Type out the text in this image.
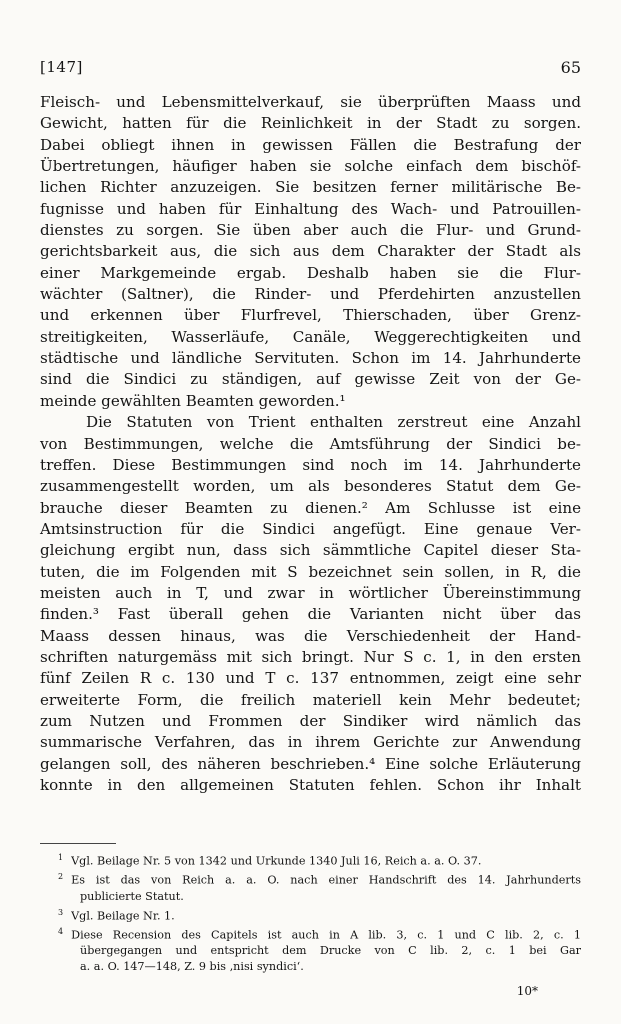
[147]	65
Fleisch- und Lebensmittelverkauf, sie überprüften Maass und
Gewicht, hatten für die Reinlichkeit in der Stadt zu sorgen.
Dabei obliegt ihnen in gewissen Fällen die Bestrafung der
Übertretungen, häufiger haben sie solche einfach dem bischöf-
lichen Richter anzuzeigen. Sie besitzen ferner militärische Be-
fugnisse und haben für Einhaltung des Wach- und Patrouillen-
dienstes zu sorgen. Sie üben aber auch die Flur- und Grund-
gerichtsbarkeit aus, die sich aus dem Charakter der Stadt als
einer Markgemeinde ergab. Deshalb haben sie die Flur-
wächter (Saltner), die Rinder- und Pferdehirten anzustellen
und erkennen über Flurfrevel, Thierschaden, über Grenz-
streitigkeiten, Wasserläufe, Canäle, Weggerechtigkeiten und
städtische und ländliche Servituten. Schon im 14. Jahrhunderte
sind die Sindici zu ständigen, auf gewisse Zeit von der Ge-
meinde gewählten Beamten geworden.¹
Die Statuten von Trient enthalten zerstreut eine Anzahl
von Bestimmungen, welche die Amtsführung der Sindici be-
treffen. Diese Bestimmungen sind noch im 14. Jahrhunderte
zusammengestellt worden, um als besonderes Statut dem Ge-
brauche dieser Beamten zu dienen.² Am Schlusse ist eine
Amtsinstruction für die Sindici angefügt. Eine genaue Ver-
gleichung ergibt nun, dass sich sämmtliche Capitel dieser Sta-
tuten, die im Folgenden mit S bezeichnet sein sollen, in R, die
meisten auch in T, und zwar in wörtlicher Übereinstimmung
finden.³ Fast überall gehen die Varianten nicht über das
Maass dessen hinaus, was die Verschiedenheit der Hand-
schriften naturgemäss mit sich bringt. Nur S c. 1, in den ersten
fünf Zeilen R c. 130 und T c. 137 entnommen, zeigt eine sehr
erweiterte Form, die freilich materiell kein Mehr bedeutet;
zum Nutzen und Frommen der Sindiker wird nämlich das
summarische Verfahren, das in ihrem Gerichte zur Anwendung
gelangen soll, des näheren beschrieben.⁴ Eine solche Erläuterung
konnte in den allgemeinen Statuten fehlen. Schon ihr Inhalt
$^1$ Vgl. Beilage Nr. 5 von 1342 und Urkunde 1340 Juli 16, Reich a. a. O. 37.
$^2$ Es ist das von Reich a. a. O. nach einer Handschrift des 14. Jahrhunderts
publicierte Statut.
$^3$ Vgl. Beilage Nr. 1.
$^4$ Diese Recension des Capitels ist auch in A lib. 3, c. 1 und C lib. 2, c. 1
übergegangen und entspricht dem Drucke von C lib. 2, c. 1 bei Gar
a. a. O. 147—148, Z. 9 bis ‚nisi syndici‘.
10*
